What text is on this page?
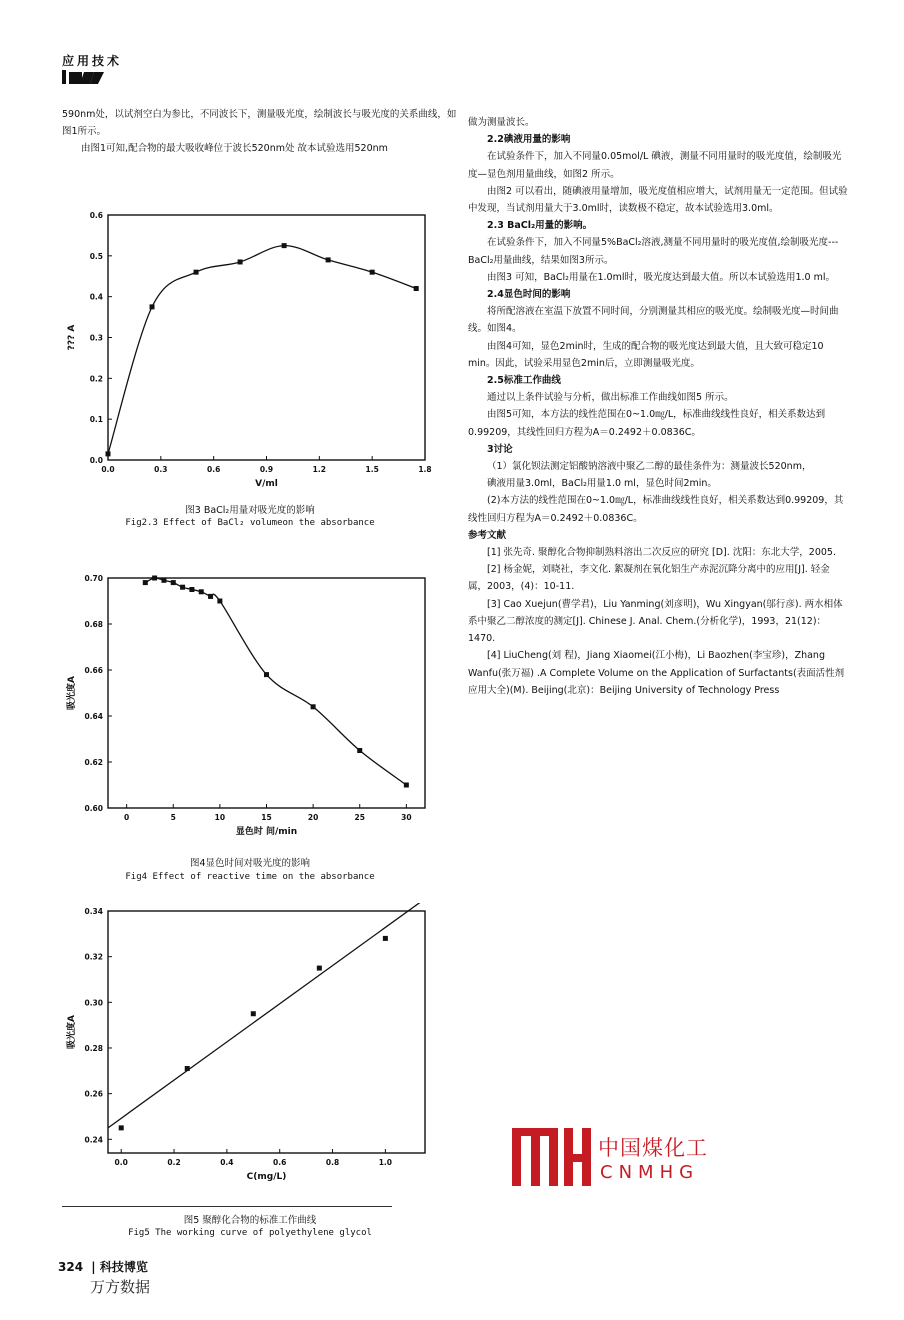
应用技术

590nm处，以试剂空白为参比，不同波长下，测量吸光度，绘制波长与吸光度的关系曲线，如图1所示。

由图1可知,配合物的最大吸收峰位于波长520nm处 故本试验选用520nm

0.0
0.1
0.2
0.3
0.4
0.5
0.6
0.0	0.3	0.6	0.9	1.2	1.5	1.8
V/ml
??? A
图3 BaCl₂用量对吸光度的影响
Fig2.3 Effect of BaCl₂ volumeon the absorbance
0.60
0.62
0.64
0.66
0.68
0.70
0	5	10	15	20	25	30
显色时 间/min
吸光度A
图4显色时间对吸光度的影响
Fig4 Effect of reactive time on the absorbance
0.24
0.26
0.28
0.30
0.32
0.34
0.0	0.2	0.4	0.6	0.8	1.0
C(mg/L)
吸光度A
图5 聚醇化合物的标准工作曲线
Fig5 The working curve of polyethylene glycol

做为测量波长。

2.2碘液用量的影响

在试验条件下，加入不同量0.05mol/L 碘液，测量不同用量时的吸光度值，绘制吸光度—显色剂用量曲线，如图2 所示。

由图2 可以看出，随碘液用量增加，吸光度值相应增大，试剂用量无一定范围。但试验中发现，当试剂用量大于3.0ml时，读数极不稳定，故本试验选用3.0ml。

2.3 BaCl₂用量的影响。

在试验条件下，加入不同量5%BaCl₂溶液,测量不同用量时的吸光度值,绘制吸光度---BaCl₂用量曲线，结果如图3所示。

由图3 可知，BaCl₂用量在1.0ml时，吸光度达到最大值。所以本试验选用1.0 ml。

2.4显色时间的影响

将所配溶液在室温下放置不同时间，分别测量其相应的吸光度。绘制吸光度—时间曲线。如图4。

由图4可知，显色2min时，生成的配合物的吸光度达到最大值，且大致可稳定10 min。因此，试验采用显色2min后，立即测量吸光度。

2.5标准工作曲线

通过以上条件试验与分析，做出标准工作曲线如图5 所示。

由图5可知，本方法的线性范围在0~1.0㎎/L，标准曲线线性良好，相关系数达到0.99209，其线性回归方程为A＝0.2492＋0.0836C。

3讨论

（1）氯化钡法测定铝酸钠溶液中聚乙二醇的最佳条件为：测量波长520nm，

碘液用量3.0ml，BaCl₂用量1.0 ml，显色时间2min。

(2)本方法的线性范围在0~1.0㎎/L，标准曲线线性良好，相关系数达到0.99209，其线性回归方程为A＝0.2492＋0.0836C。

参考文献

[1] 张先奇. 聚醇化合物抑制熟料溶出二次反应的研究 [D]. 沈阳：东北大学，2005.

[2] 杨金妮，刘晓社，李文化. 絮凝剂在氧化铝生产赤泥沉降分离中的应用[J]. 轻金属，2003，(4)：10-11.

[3] Cao Xuejun(曹学君)，Liu Yanming(刘彦明)，Wu Xingyan(邬行彦). 两水相体系中聚乙二醇浓度的测定[J]. Chinese J. Anal. Chem.(分析化学)，1993，21(12)：1470.

[4] LiuCheng(刘 程)，Jiang Xiaomei(江小梅)，Li Baozhen(李宝珍)，Zhang Wanfu(张万福) .A Complete Volume on the Application of Surfactants(表面活性剂应用大全)(M). Beijing(北京)：Beijing University of Technology Press

中国煤化工
CNMHG
324 | 科技博览
万方数据
